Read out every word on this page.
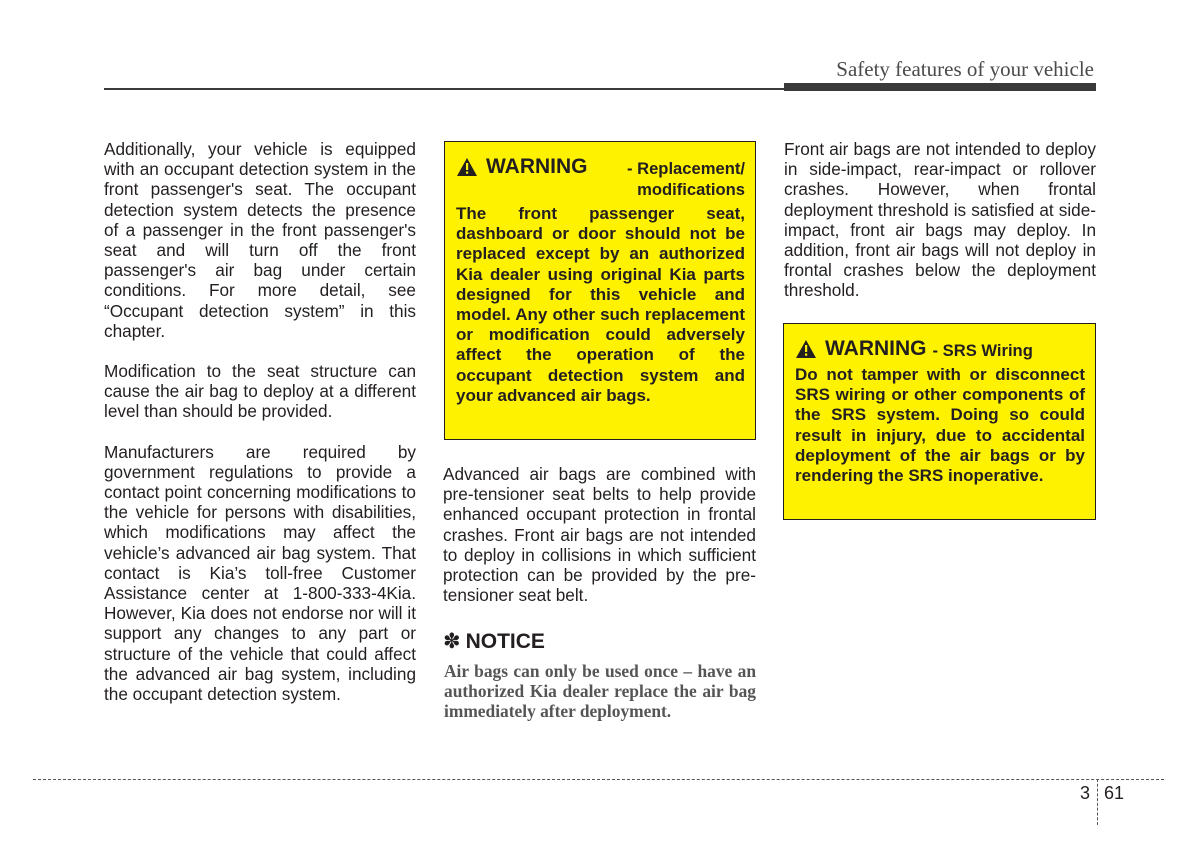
Safety features of your vehicle

Additionally, your vehicle is equipped with an occupant detection system in the front passenger's seat. The occupant detection system detects the presence of a passenger in the front passenger's seat and will turn off the front passenger's air bag under certain conditions. For more detail, see “Occupant detection system” in this chapter.

Modification to the seat structure can cause the air bag to deploy at a different level than should be provided.

Manufacturers are required by government regulations to provide a contact point concerning modifications to the vehicle for persons with disabilities, which modifications may affect the vehicle’s advanced air bag system. That contact is Kia’s toll-free Customer Assistance center at 1-800-333-4Kia. However, Kia does not endorse nor will it support any changes to any part or structure of the vehicle that could affect the advanced air bag system, including the occupant detection system.

WARNING	- Replacement/ modifications
The front passenger seat, dashboard or door should not be replaced except by an authorized Kia dealer using original Kia parts designed for this vehicle and model. Any other such replacement or modification could adversely affect the operation of the occupant detection system and your advanced air bags.

Advanced air bags are combined with pre-tensioner seat belts to help provide enhanced occupant protection in frontal crashes. Front air bags are not intended to deploy in collisions in which sufficient protection can be provided by the pre-tensioner seat belt.

✽ NOTICE
Air bags can only be used once – have an authorized Kia dealer replace the air bag immediately after deployment.

Front air bags are not intended to deploy in side-impact, rear-impact or rollover crashes. However, when frontal deployment threshold is satisfied at side-impact, front air bags may deploy. In addition, front air bags will not deploy in frontal crashes below the deployment threshold.

WARNING - SRS Wiring
Do not tamper with or disconnect SRS wiring or other components of the SRS system. Doing so could result in injury, due to accidental deployment of the air bags or by rendering the SRS inoperative.
3 61
